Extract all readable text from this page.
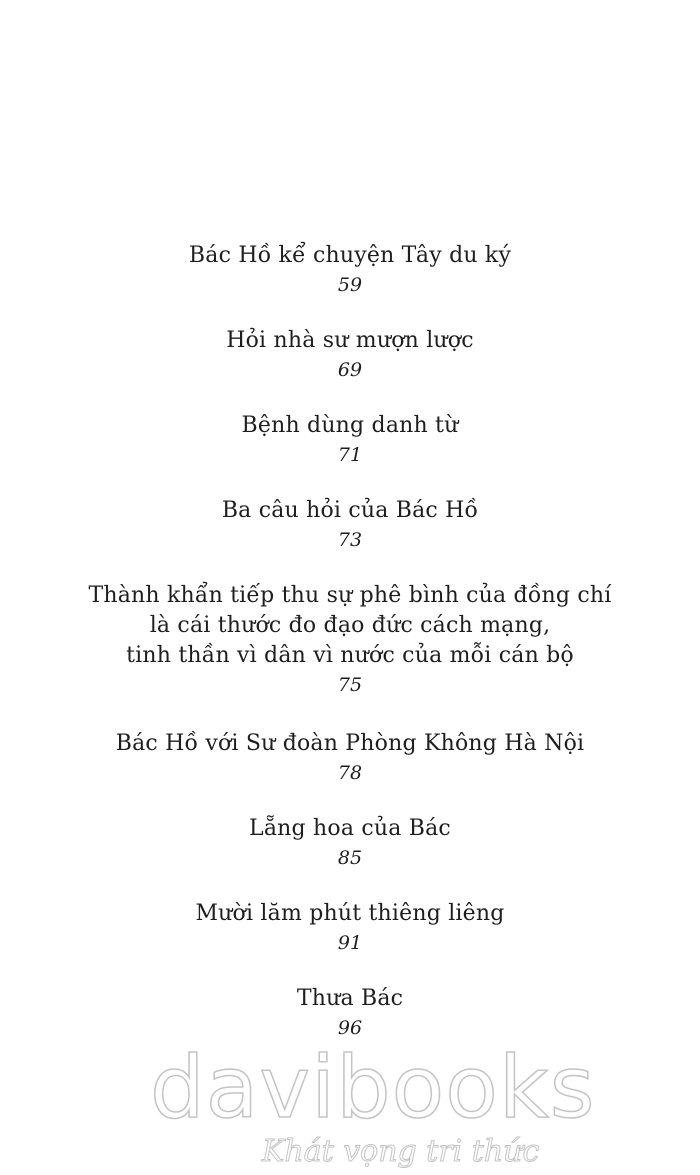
Bác Hồ kể chuyện Tây du ký
59
Hỏi nhà sư mượn lược
69
Bệnh dùng danh từ
71
Ba câu hỏi của Bác Hồ
73
Thành khẩn tiếp thu sự phê bình của đồng chí
là cái thước đo đạo đức cách mạng,
tinh thần vì dân vì nước của mỗi cán bộ
75
Bác Hồ với Sư đoàn Phòng Không Hà Nội
78
Lẵng hoa của Bác
85
Mười lăm phút thiêng liêng
91
Thưa Bác
96
davibooks
Khát vọng tri thức
